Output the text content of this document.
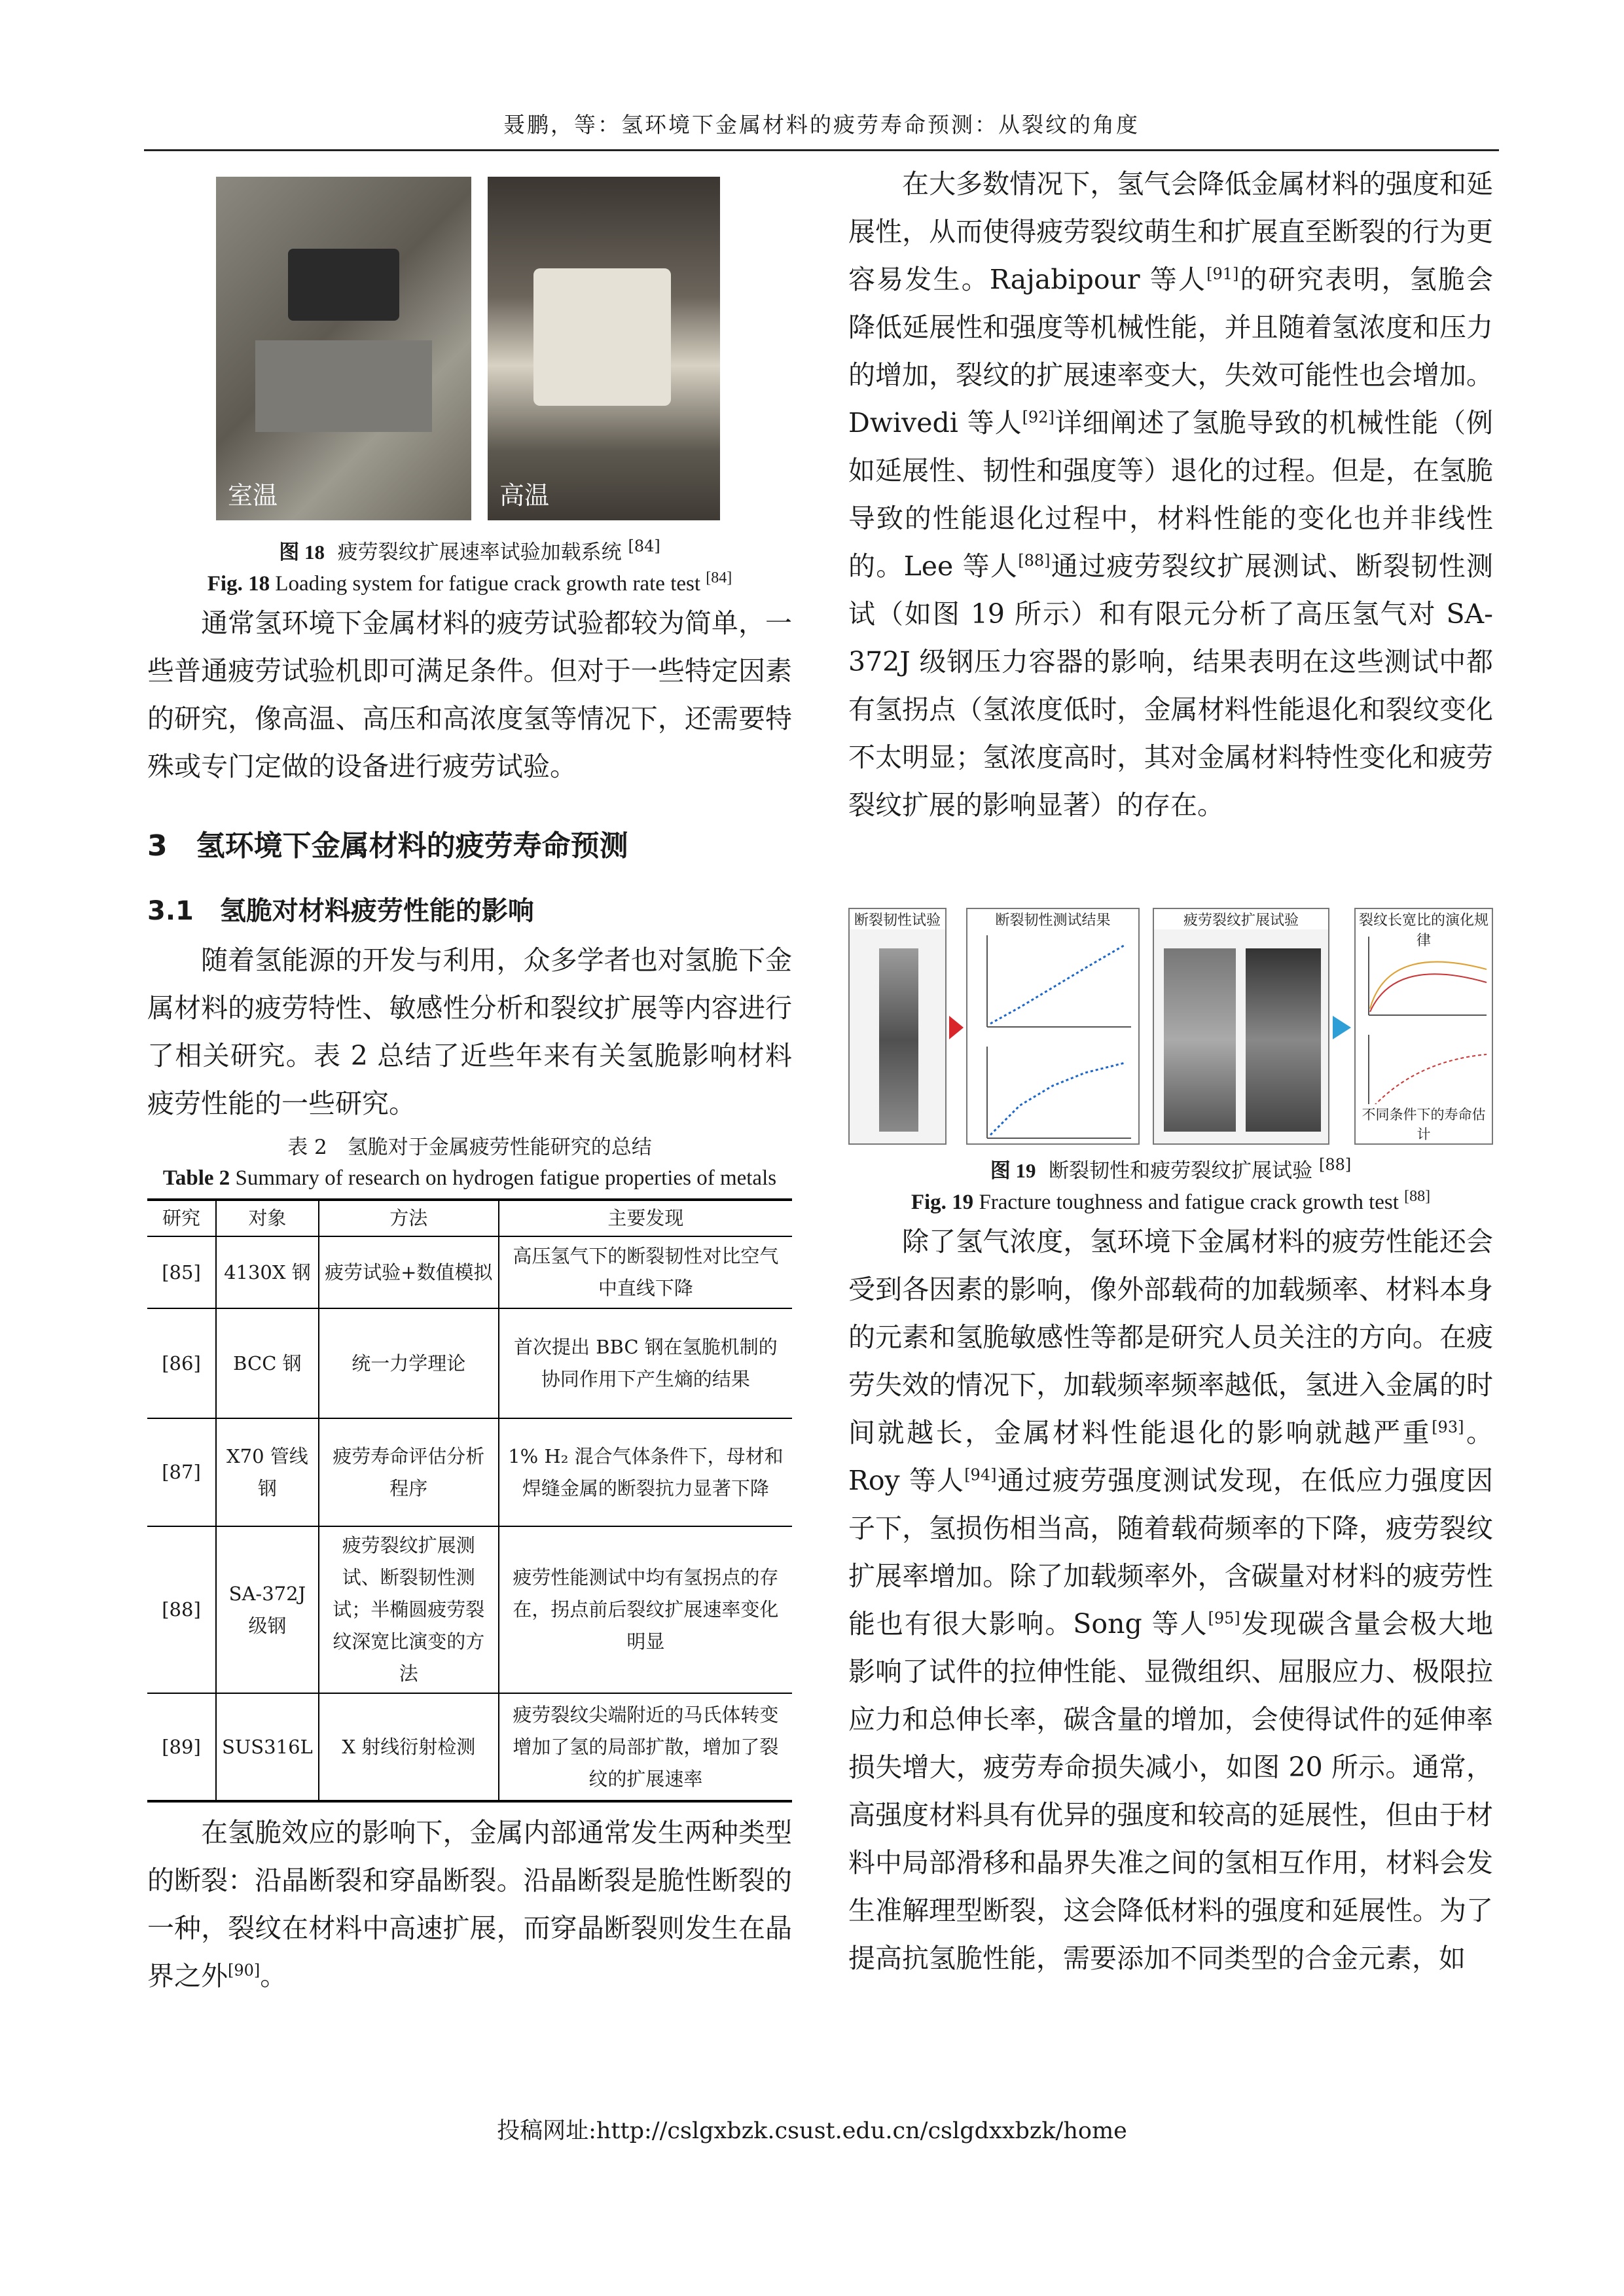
聂鹏，等：氢环境下金属材料的疲劳寿命预测：从裂纹的角度
室温	高温
图 18 疲劳裂纹扩展速率试验加载系统 [84]
Fig. 18 Loading system for fatigue crack growth rate test [84]

通常氢环境下金属材料的疲劳试验都较为简单，一些普通疲劳试验机即可满足条件。但对于一些特定因素的研究，像高温、高压和高浓度氢等情况下，还需要特殊或专门定做的设备进行疲劳试验。

3　氢环境下金属材料的疲劳寿命预测
3.1　氢脆对材料疲劳性能的影响

随着氢能源的开发与利用，众多学者也对氢脆下金属材料的疲劳特性、敏感性分析和裂纹扩展等内容进行了相关研究。表 2 总结了近些年来有关氢脆影响材料疲劳性能的一些研究。

表 2　氢脆对于金属疲劳性能研究的总结
Table 2 Summary of research on hydrogen fatigue properties of metals
研究	对象	方法	主要发现
[85]	4130X 钢	疲劳试验+数值模拟	高压氢气下的断裂韧性对比空气中直线下降
[86]	BCC 钢	统一力学理论	首次提出 BBC 钢在氢脆机制的协同作用下产生熵的结果
[87]	X70 管线钢	疲劳寿命评估分析程序	1% H₂ 混合气体条件下，母材和焊缝金属的断裂抗力显著下降
[88]	SA-372J 级钢	疲劳裂纹扩展测试、断裂韧性测试；半椭圆疲劳裂纹深宽比演变的方法	疲劳性能测试中均有氢拐点的存在，拐点前后裂纹扩展速率变化明显
[89]	SUS316L	X 射线衍射检测	疲劳裂纹尖端附近的马氏体转变增加了氢的局部扩散，增加了裂纹的扩展速率

在氢脆效应的影响下，金属内部通常发生两种类型的断裂：沿晶断裂和穿晶断裂。沿晶断裂是脆性断裂的一种，裂纹在材料中高速扩展，而穿晶断裂则发生在晶界之外[90]。

在大多数情况下，氢气会降低金属材料的强度和延展性，从而使得疲劳裂纹萌生和扩展直至断裂的行为更容易发生。Rajabipour 等人[91]的研究表明，氢脆会降低延展性和强度等机械性能，并且随着氢浓度和压力的增加，裂纹的扩展速率变大，失效可能性也会增加。Dwivedi 等人[92]详细阐述了氢脆导致的机械性能（例如延展性、韧性和强度等）退化的过程。但是，在氢脆导致的性能退化过程中，材料性能的变化也并非线性的。Lee 等人[88]通过疲劳裂纹扩展测试、断裂韧性测试（如图 19 所示）和有限元分析了高压氢气对 SA-372J 级钢压力容器的影响，结果表明在这些测试中都有氢拐点（氢浓度低时，金属材料性能退化和裂纹变化不太明显；氢浓度高时，其对金属材料特性变化和疲劳裂纹扩展的影响显著）的存在。

断裂韧性试验	断裂韧性测试结果	疲劳裂纹扩展试验	裂纹长宽比的演化规律
不同条件下的寿命估计
图 19 断裂韧性和疲劳裂纹扩展试验 [88]
Fig. 19 Fracture toughness and fatigue crack growth test [88]

除了氢气浓度，氢环境下金属材料的疲劳性能还会受到各因素的影响，像外部载荷的加载频率、材料本身的元素和氢脆敏感性等都是研究人员关注的方向。在疲劳失效的情况下，加载频率频率越低，氢进入金属的时间就越长，金属材料性能退化的影响就越严重[93]。Roy 等人[94]通过疲劳强度测试发现，在低应力强度因子下，氢损伤相当高，随着载荷频率的下降，疲劳裂纹扩展率增加。除了加载频率外，含碳量对材料的疲劳性能也有很大影响。Song 等人[95]发现碳含量会极大地影响了试件的拉伸性能、显微组织、屈服应力、极限拉应力和总伸长率，碳含量的增加，会使得试件的延伸率损失增大，疲劳寿命损失减小，如图 20 所示。通常，高强度材料具有优异的强度和较高的延展性，但由于材料中局部滑移和晶界失准之间的氢相互作用，材料会发生准解理型断裂，这会降低材料的强度和延展性。为了提高抗氢脆性能，需要添加不同类型的合金元素，如

投稿网址:http://cslgxbzk.csust.edu.cn/cslgdxxbzk/home
